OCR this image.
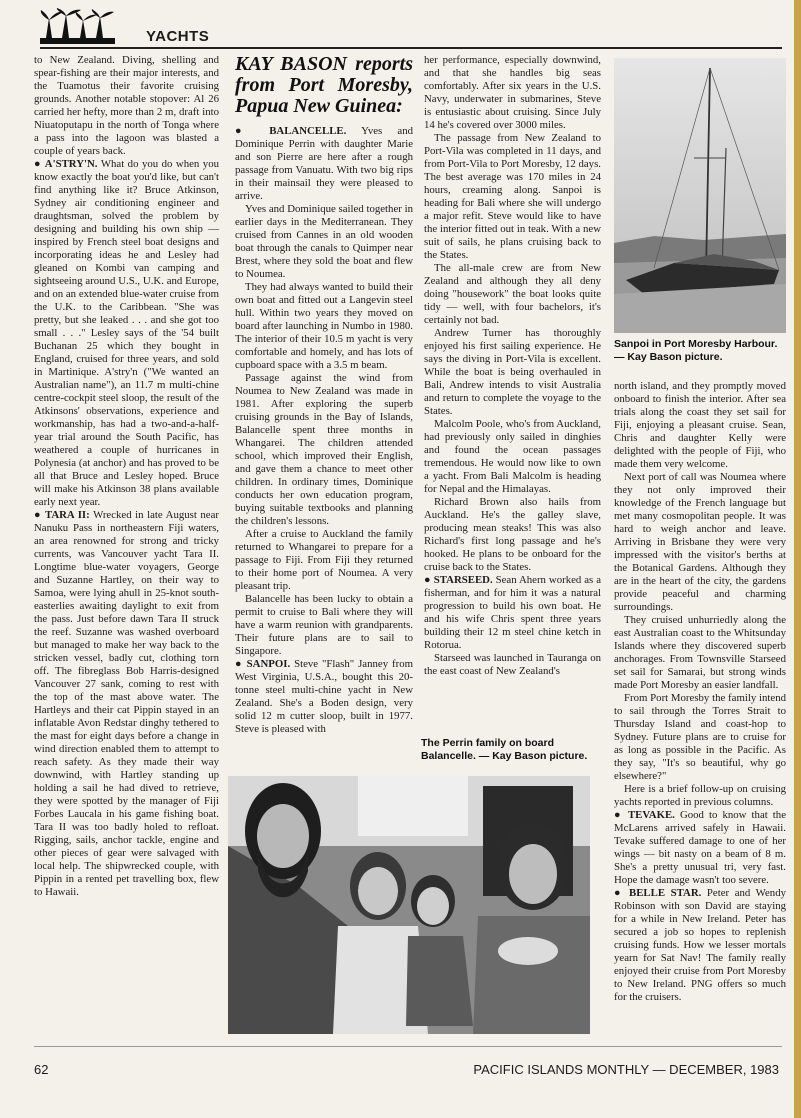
YACHTS

to New Zealand. Diving, shelling and spear-fishing are their major interests, and the Tuamotus their favorite cruising grounds. Another notable stopover: Al 26 carried her hefty, more than 2 m, draft into Niuatoputapu in the north of Tonga where a pass into the lagoon was blasted a couple of years back.

● A'STRY'N. What do you do when you know exactly the boat you'd like, but can't find anything like it? Bruce Atkinson, Sydney air conditioning engineer and draughtsman, solved the problem by designing and building his own ship — inspired by French steel boat designs and incorporating ideas he and Lesley had gleaned on Kombi van camping and sightseeing around U.S., U.K. and Europe, and on an extended blue-water cruise from the U.K. to the Caribbean. "She was pretty, but she leaked . . . and she got too small . . ." Lesley says of the '54 built Buchanan 25 which they bought in England, cruised for three years, and sold in Martinique. A'stry'n ("We wanted an Australian name"), an 11.7 m multi-chine centre-cockpit steel sloop, the result of the Atkinsons' observations, experience and workmanship, has had a two-and-a-half-year trial around the South Pacific, has weathered a couple of hurricanes in Polynesia (at anchor) and has proved to be all that Bruce and Lesley hoped. Bruce will make his Atkinson 38 plans available early next year.

● TARA II: Wrecked in late August near Nanuku Pass in northeastern Fiji waters, an area renowned for strong and tricky currents, was Vancouver yacht Tara II. Longtime blue-water voyagers, George and Suzanne Hartley, on their way to Samoa, were lying ahull in 25-knot south-easterlies awaiting daylight to exit from the pass. Just before dawn Tara II struck the reef. Suzanne was washed overboard but managed to make her way back to the stricken vessel, badly cut, clothing torn off. The fibreglass Bob Harris-designed Vancouver 27 sank, coming to rest with the top of the mast above water. The Hartleys and their cat Pippin stayed in an inflatable Avon Redstar dinghy tethered to the mast for eight days before a change in wind direction enabled them to attempt to reach safety. As they made their way downwind, with Hartley standing up holding a sail he had dived to retrieve, they were spotted by the manager of Fiji Forbes Laucala in his game fishing boat. Tara II was too badly holed to refloat. Rigging, sails, anchor tackle, engine and other pieces of gear were salvaged with local help. The shipwrecked couple, with Pippin in a rented pet travelling box, flew to Hawaii.

KAY BASON reports from Port Moresby, Papua New Guinea:

● BALANCELLE. Yves and Dominique Perrin with daughter Marie and son Pierre are here after a rough passage from Vanuatu. With two big rips in their mainsail they were pleased to arrive.

Yves and Dominique sailed together in earlier days in the Mediterranean. They cruised from Cannes in an old wooden boat through the canals to Quimper near Brest, where they sold the boat and flew to Noumea.

They had always wanted to build their own boat and fitted out a Langevin steel hull. Within two years they moved on board after launching in Numbo in 1980. The interior of their 10.5 m yacht is very comfortable and homely, and has lots of cupboard space with a 3.5 m beam.

Passage against the wind from Noumea to New Zealand was made in 1981. After exploring the superb cruising grounds in the Bay of Islands, Balancelle spent three months in Whangarei. The children attended school, which improved their English, and gave them a chance to meet other children. In ordinary times, Dominique conducts her own education program, buying suitable textbooks and planning the children's lessons.

After a cruise to Auckland the family returned to Whangarei to prepare for a passage to Fiji. From Fiji they returned to their home port of Noumea. A very pleasant trip.

Balancelle has been lucky to obtain a permit to cruise to Bali where they will have a warm reunion with grandparents. Their future plans are to sail to Singapore.

● SANPOI. Steve "Flash" Janney from West Virginia, U.S.A., bought this 20-tonne steel multi-chine yacht in New Zealand. She's a Boden design, very solid 12 m cutter sloop, built in 1977. Steve is pleased with

her performance, especially downwind, and that she handles big seas comfortably. After six years in the U.S. Navy, underwater in submarines, Steve is entusiastic about cruising. Since July 14 he's covered over 3000 miles.

The passage from New Zealand to Port-Vila was completed in 11 days, and from Port-Vila to Port Moresby, 12 days. The best average was 170 miles in 24 hours, creaming along. Sanpoi is heading for Bali where she will undergo a major refit. Steve would like to have the interior fitted out in teak. With a new suit of sails, he plans cruising back to the States.

The all-male crew are from New Zealand and although they all deny doing "housework" the boat looks quite tidy — well, with four bachelors, it's certainly not bad.

Andrew Turner has thoroughly enjoyed his first sailing experience. He says the diving in Port-Vila is excellent. While the boat is being overhauled in Bali, Andrew intends to visit Australia and return to complete the voyage to the States.

Malcolm Poole, who's from Auckland, had previously only sailed in dinghies and found the ocean passages tremendous. He would now like to own a yacht. From Bali Malcolm is heading for Nepal and the Himalayas.

Richard Brown also hails from Auckland. He's the galley slave, producing mean steaks! This was also Richard's first long passage and he's hooked. He plans to be onboard for the cruise back to the States.

● STARSEED. Sean Ahern worked as a fisherman, and for him it was a natural progression to build his own boat. He and his wife Chris spent three years building their 12 m steel chine ketch in Rotorua.

Starseed was launched in Tauranga on the east coast of New Zealand's

The Perrin family on board Balancelle. — Kay Bason picture.
Sanpoi in Port Moresby Harbour. — Kay Bason picture.

north island, and they promptly moved onboard to finish the interior. After sea trials along the coast they set sail for Fiji, enjoying a pleasant cruise. Sean, Chris and daughter Kelly were delighted with the people of Fiji, who made them very welcome.

Next port of call was Noumea where they not only improved their knowledge of the French language but met many cosmopolitan people. It was hard to weigh anchor and leave. Arriving in Brisbane they were very impressed with the visitor's berths at the Botanical Gardens. Although they are in the heart of the city, the gardens provide peaceful and charming surroundings.

They cruised unhurriedly along the east Australian coast to the Whitsunday Islands where they discovered superb anchorages. From Townsville Starseed set sail for Samarai, but strong winds made Port Moresby an easier landfall.

From Port Moresby the family intend to sail through the Torres Strait to Thursday Island and coast-hop to Sydney. Future plans are to cruise for as long as possible in the Pacific. As they say, "It's so beautiful, why go elsewhere?"

Here is a brief follow-up on cruising yachts reported in previous columns.

● TEVAKE. Good to know that the McLarens arrived safely in Hawaii. Tevake suffered damage to one of her wings — bit nasty on a beam of 8 m. She's a pretty unusual tri, very fast. Hope the damage wasn't too severe.

● BELLE STAR. Peter and Wendy Robinson with son David are staying for a while in New Ireland. Peter has secured a job so hopes to replenish cruising funds. How we lesser mortals yearn for Sat Nav! The family really enjoyed their cruise from Port Moresby to New Ireland. PNG offers so much for the cruisers.

62	PACIFIC ISLANDS MONTHLY — DECEMBER, 1983
